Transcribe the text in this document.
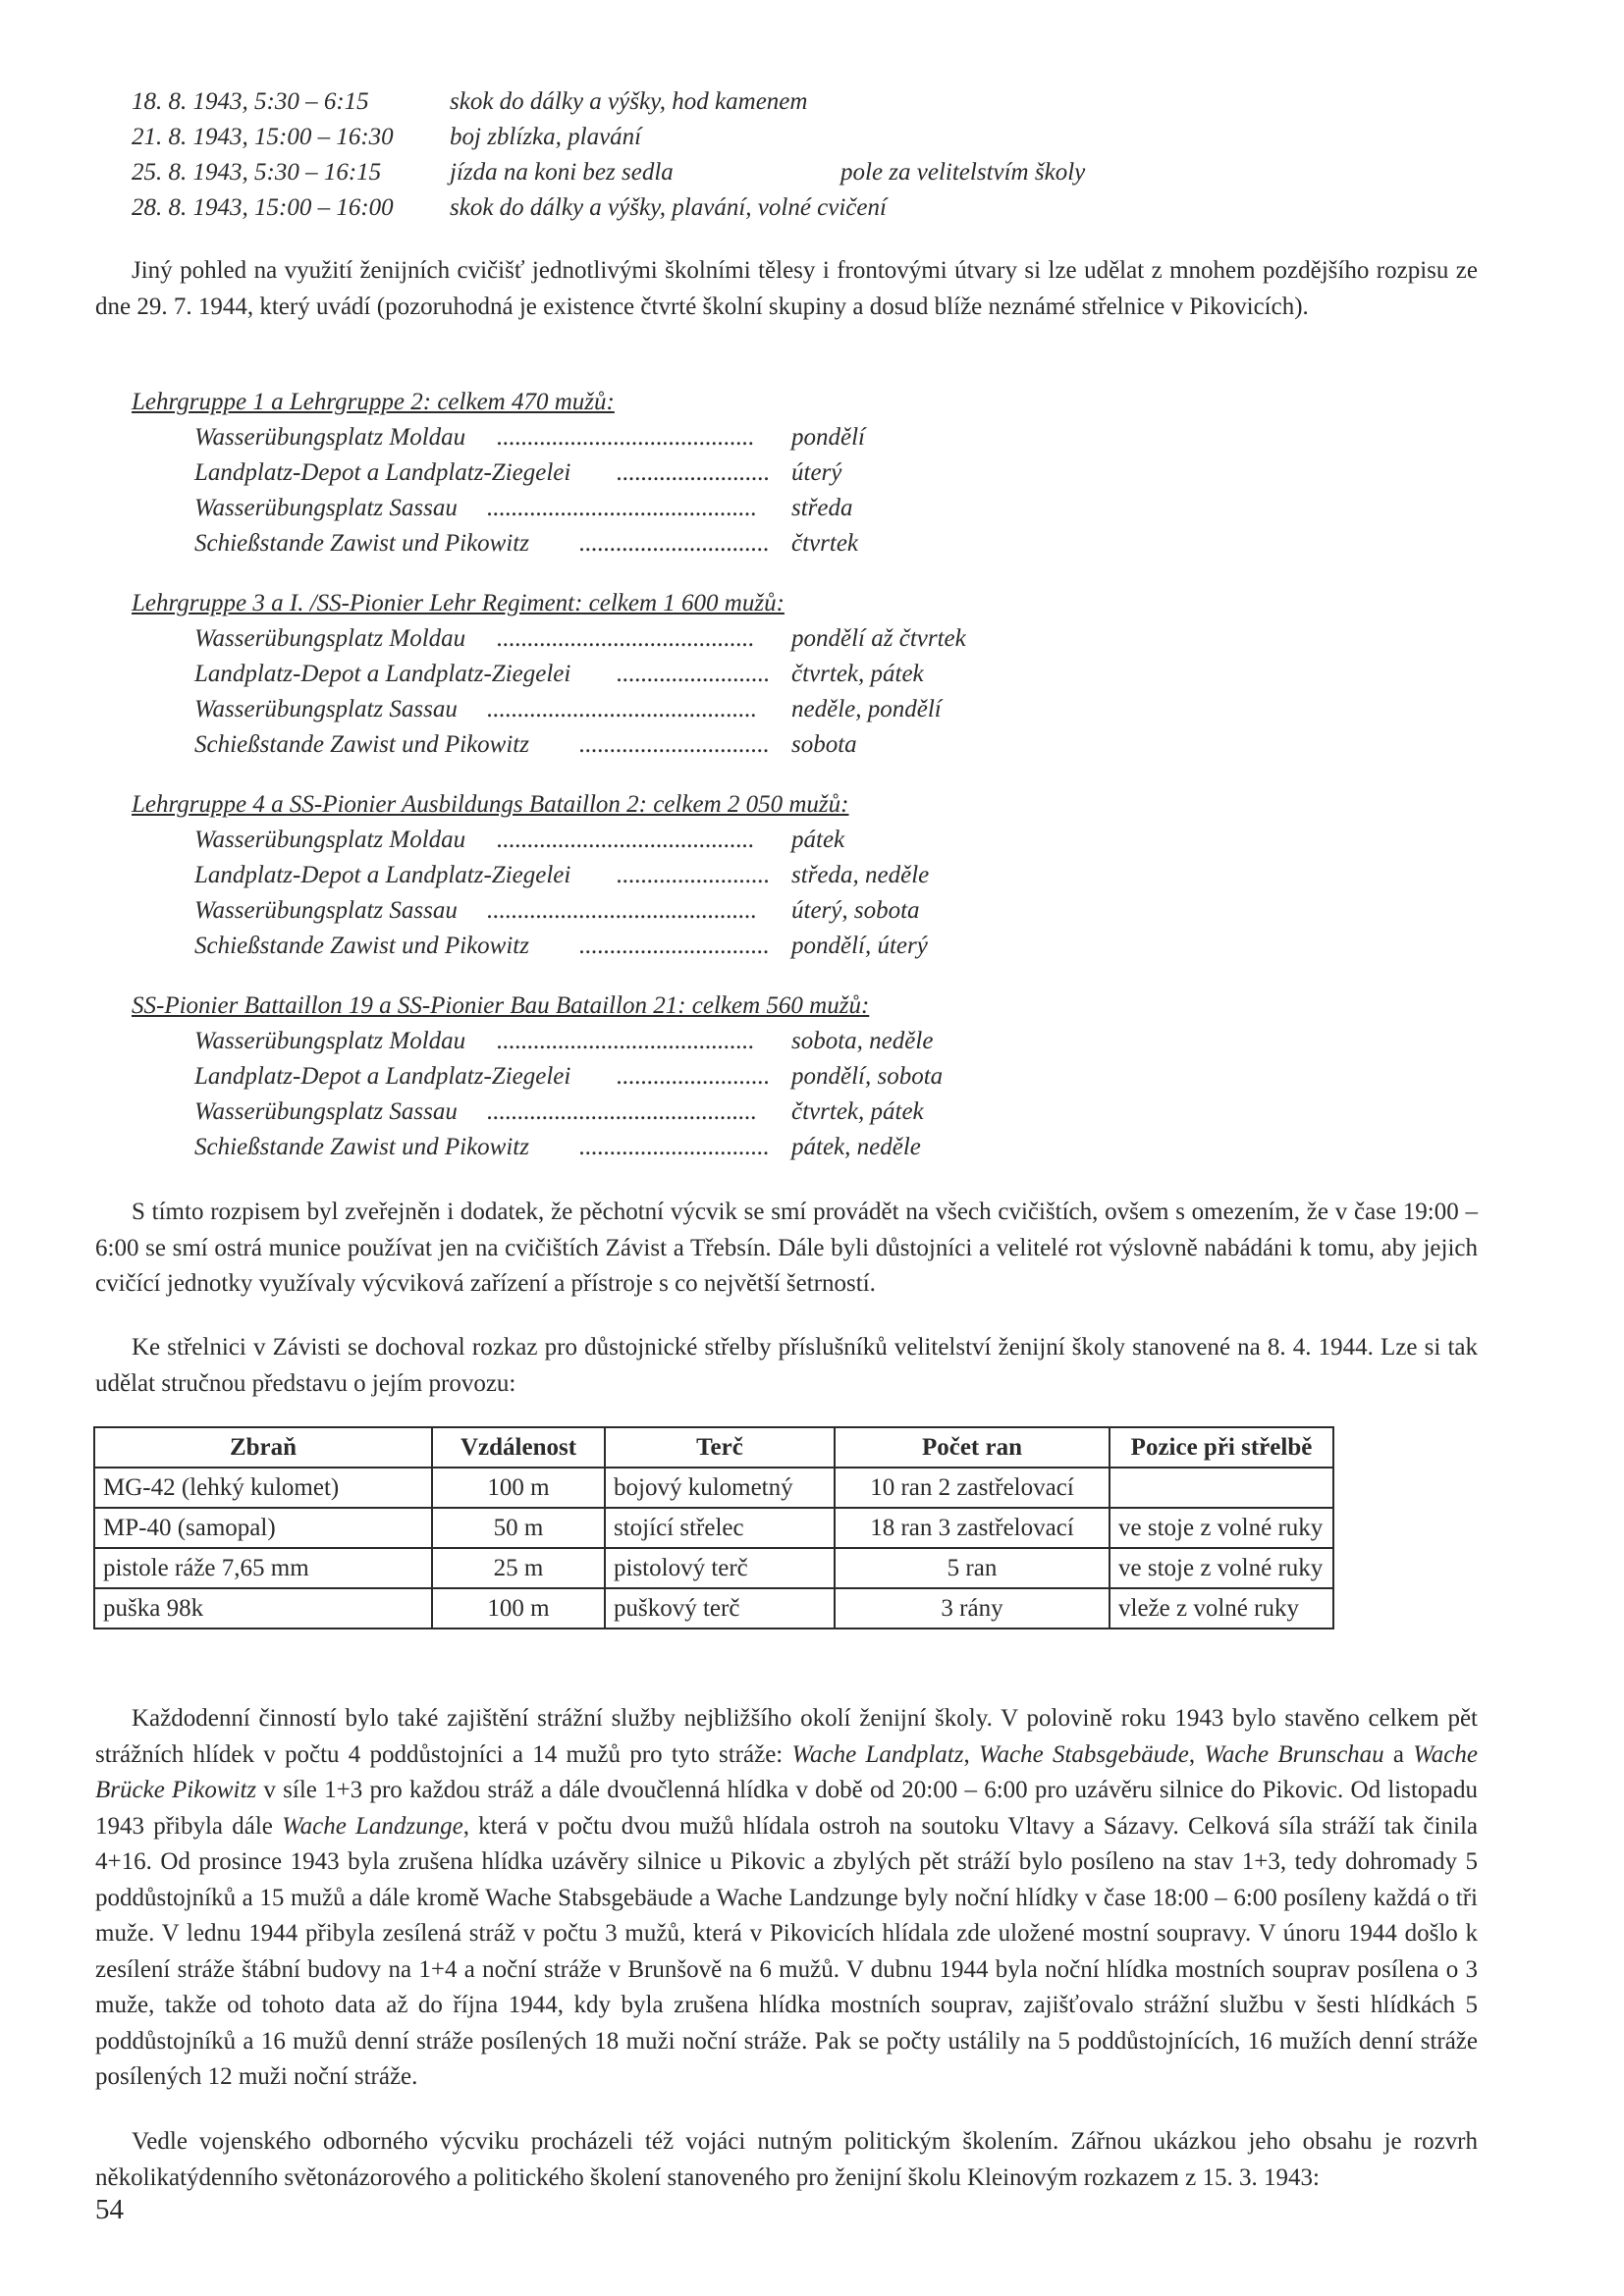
18. 8. 1943, 5:30 – 6:15	skok do dálky a výšky, hod kamenem
21. 8. 1943, 15:00 – 16:30 boj zblízka, plavání
25. 8. 1943, 5:30 – 16:15	jízda na koni bez sedla	pole za velitelstvím školy
28. 8. 1943, 15:00 – 16:00 skok do dálky a výšky, plavání, volné cvičení

Jiný pohled na využití ženijních cvičišť jednotlivými školními tělesy i frontovými útvary si lze udělat z mnohem pozdějšího rozpisu ze dne 29. 7. 1944, který uvádí (pozoruhodná je existence čtvrté školní skupiny a dosud blíže neznámé střelnice v Pikovicích).

Lehrgruppe 1 a Lehrgruppe 2: celkem 470 mužů:
Wasserübungsplatz Moldau .......................................... pondělí
Landplatz-Depot a Landplatz-Ziegelei ......................... úterý
Wasserübungsplatz Sassau ............................................ středa
Schießstande Zawist und Pikowitz ............................... čtvrtek
Lehrgruppe 3 a I. /SS-Pionier Lehr Regiment: celkem 1 600 mužů:
Wasserübungsplatz Moldau .......................................... pondělí až čtvrtek
Landplatz-Depot a Landplatz-Ziegelei ......................... čtvrtek, pátek
Wasserübungsplatz Sassau ............................................ neděle, pondělí
Schießstande Zawist und Pikowitz ............................... sobota
Lehrgruppe 4 a SS-Pionier Ausbildungs Bataillon 2: celkem 2 050 mužů:
Wasserübungsplatz Moldau .......................................... pátek
Landplatz-Depot a Landplatz-Ziegelei ......................... středa, neděle
Wasserübungsplatz Sassau ............................................ úterý, sobota
Schießstande Zawist und Pikowitz ............................... pondělí, úterý
SS-Pionier Battaillon 19 a SS-Pionier Bau Bataillon 21: celkem 560 mužů:
Wasserübungsplatz Moldau .......................................... sobota, neděle
Landplatz-Depot a Landplatz-Ziegelei ......................... pondělí, sobota
Wasserübungsplatz Sassau ............................................ čtvrtek, pátek
Schießstande Zawist und Pikowitz ............................... pátek, neděle

S tímto rozpisem byl zveřejněn i dodatek, že pěchotní výcvik se smí provádět na všech cvičištích, ovšem s omezením, že v čase 19:00 – 6:00 se smí ostrá munice používat jen na cvičištích Závist a Třebsín. Dále byli důstojníci a velitelé rot výslovně nabádáni k tomu, aby jejich cvičící jednotky využívaly výcviková zařízení a přístroje s co největší šetrností.

Ke střelnici v Závisti se dochoval rozkaz pro důstojnické střelby příslušníků velitelství ženijní školy stanovené na 8. 4. 1944. Lze si tak udělat stručnou představu o jejím provozu:

Zbraň	Vzdálenost	Terč	Počet ran	Pozice při střelbě
MG-42 (lehký kulomet)	100 m	bojový kulometný	10 ran 2 zastřelovací	
MP-40 (samopal)	50 m	stojící střelec	18 ran 3 zastřelovací	ve stoje z volné ruky
pistole ráže 7,65 mm	25 m	pistolový terč	5 ran	ve stoje z volné ruky
puška 98k	100 m	puškový terč	3 rány	vleže z volné ruky

Každodenní činností bylo také zajištění strážní služby nejbližšího okolí ženijní školy. V polovině roku 1943 bylo stavěno celkem pět strážních hlídek v počtu 4 poddůstojníci a 14 mužů pro tyto stráže: Wache Landplatz, Wache Stabsgebäude, Wache Brunschau a Wache Brücke Pikowitz v síle 1+3 pro každou stráž a dále dvoučlenná hlídka v době od 20:00 – 6:00 pro uzávěru silnice do Pikovic. Od listopadu 1943 přibyla dále Wache Landzunge, která v počtu dvou mužů hlídala ostroh na soutoku Vltavy a Sázavy. Celková síla stráží tak činila 4+16. Od prosince 1943 byla zrušena hlídka uzávěry silnice u Pikovic a zbylých pět stráží bylo posíleno na stav 1+3, tedy dohromady 5 poddůstojníků a 15 mužů a dále kromě Wache Stabsgebäude a Wache Landzunge byly noční hlídky v čase 18:00 – 6:00 posíleny každá o tři muže. V lednu 1944 přibyla zesílená stráž v počtu 3 mužů, která v Pikovicích hlídala zde uložené mostní soupravy. V únoru 1944 došlo k zesílení stráže štábní budovy na 1+4 a noční stráže v Brunšově na 6 mužů. V dubnu 1944 byla noční hlídka mostních souprav posílena o 3 muže, takže od tohoto data až do října 1944, kdy byla zrušena hlídka mostních souprav, zajišťovalo strážní službu v šesti hlídkách 5 poddůstojníků a 16 mužů denní stráže posílených 18 muži noční stráže. Pak se počty ustálily na 5 poddůstojnících, 16 mužích denní stráže posílených 12 muži noční stráže.

Vedle vojenského odborného výcviku procházeli též vojáci nutným politickým školením. Zářnou ukázkou jeho obsahu je rozvrh několikatýdenního světonázorového a politického školení stanoveného pro ženijní školu Kleinovým rozkazem z 15. 3. 1943:

54
